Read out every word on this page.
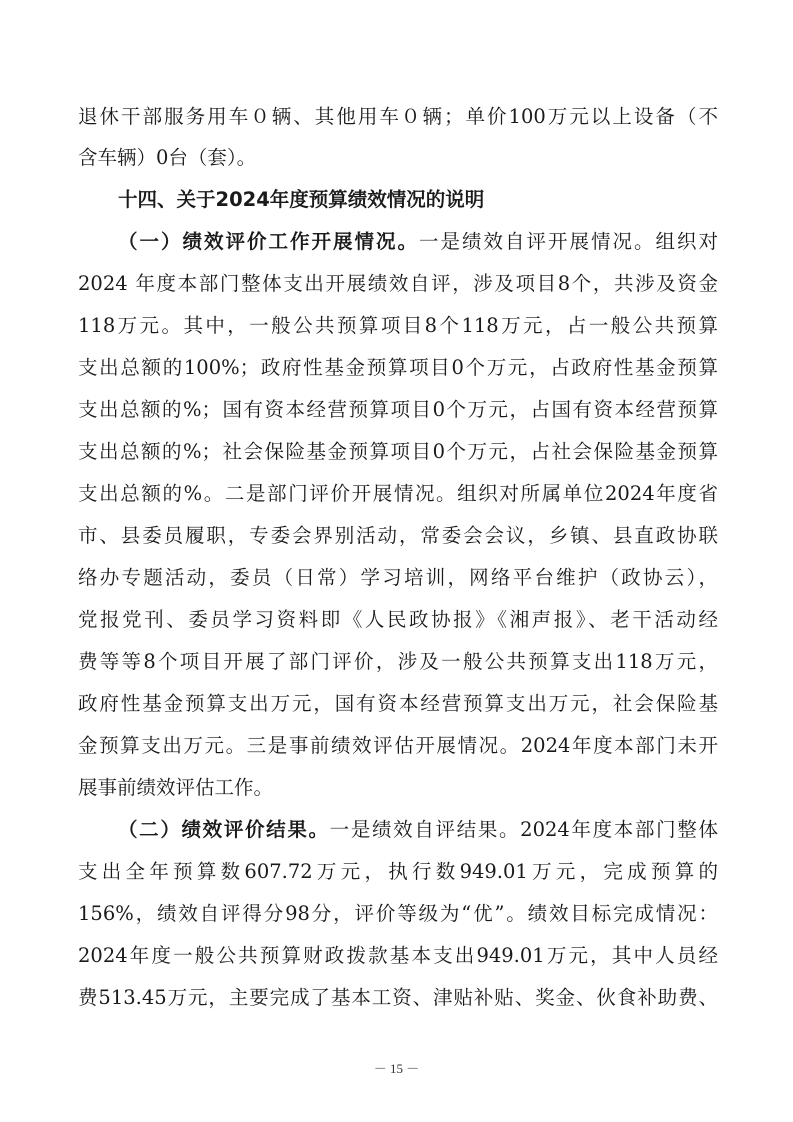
退休干部服务用车０辆、其他用车０辆；单价100万元以上设备（不
含车辆）0台（套）。
十四、关于2024年度预算绩效情况的说明
（一）绩效评价工作开展情况。一是绩效自评开展情况。组织对
2024 年度本部门整体支出开展绩效自评，涉及项目8个，共涉及资金
118万元。其中，一般公共预算项目8个118万元，占一般公共预算
支出总额的100%；政府性基金预算项目0个万元，占政府性基金预算
支出总额的%；国有资本经营预算项目0个万元，占国有资本经营预算
支出总额的%；社会保险基金预算项目0个万元，占社会保险基金预算
支出总额的%。二是部门评价开展情况。组织对所属单位2024年度省
市、县委员履职，专委会界别活动，常委会会议，乡镇、县直政协联
络办专题活动，委员（日常）学习培训，网络平台维护（政协云），
党报党刊、委员学习资料即《人民政协报》《湘声报》、老干活动经
费等等8个项目开展了部门评价，涉及一般公共预算支出118万元，
政府性基金预算支出万元，国有资本经营预算支出万元，社会保险基
金预算支出万元。三是事前绩效评估开展情况。2024年度本部门未开
展事前绩效评估工作。
（二）绩效评价结果。一是绩效自评结果。2024年度本部门整体
支出全年预算数607.72万元，执行数949.01万元，完成预算的
156%，绩效自评得分98分，评价等级为“优”。绩效目标完成情况：
2024年度一般公共预算财政拨款基本支出949.01万元，其中人员经
费513.45万元，主要完成了基本工资、津贴补贴、奖金、伙食补助费、
－ 15 －
